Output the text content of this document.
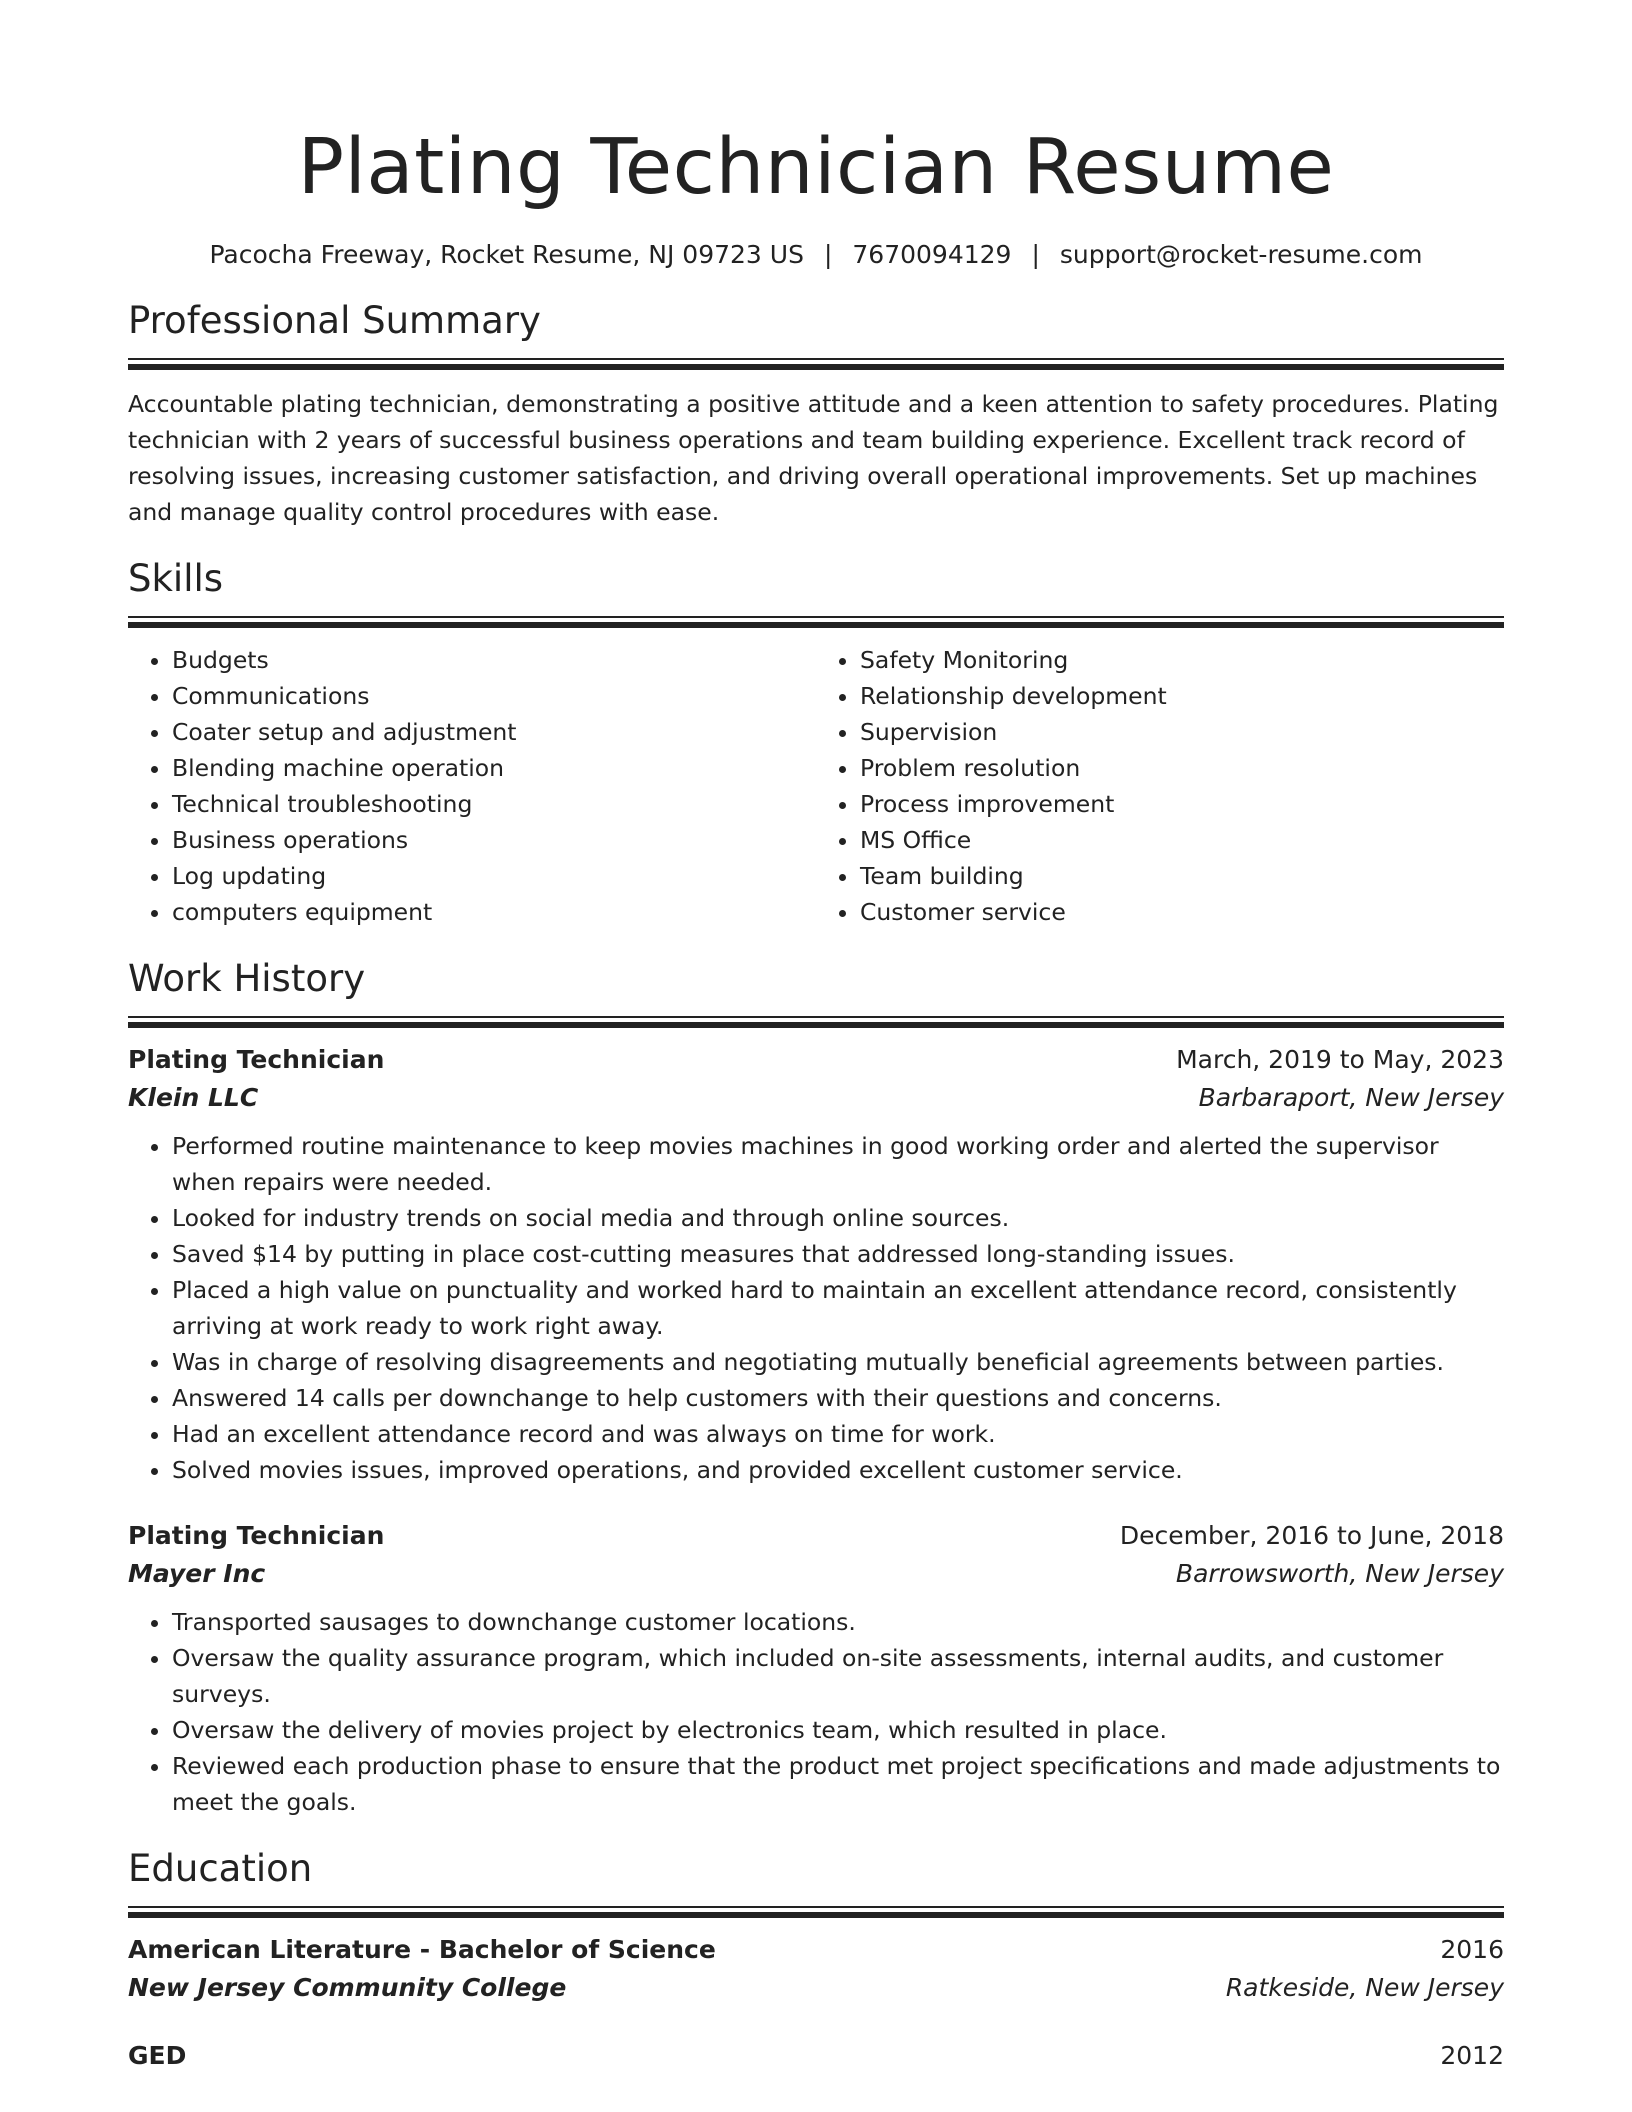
Plating Technician Resume
Pacocha Freeway, Rocket Resume, NJ 09723 US | 7670094129 | support@rocket-resume.com
Professional Summary

Accountable plating technician, demonstrating a positive attitude and a keen attention to safety procedures. Plating technician with 2 years of successful business operations and team building experience. Excellent track record of resolving issues, increasing customer satisfaction, and driving overall operational improvements. Set up machines and manage quality control procedures with ease.

Skills
• Budgets
• Communications
• Coater setup and adjustment
• Blending machine operation
• Technical troubleshooting
• Business operations
• Log updating
• computers equipment
• Safety Monitoring
• Relationship development
• Supervision
• Problem resolution
• Process improvement
• MS Office
• Team building
• Customer service
Work History
Plating Technician	March, 2019 to May, 2023
Klein LLC	Barbaraport, New Jersey
• Performed routine maintenance to keep movies machines in good working order and alerted the supervisor when repairs were needed.
• Looked for industry trends on social media and through online sources.
• Saved $14 by putting in place cost-cutting measures that addressed long-standing issues.
• Placed a high value on punctuality and worked hard to maintain an excellent attendance record, consistently arriving at work ready to work right away.
• Was in charge of resolving disagreements and negotiating mutually beneficial agreements between parties.
• Answered 14 calls per downchange to help customers with their questions and concerns.
• Had an excellent attendance record and was always on time for work.
• Solved movies issues, improved operations, and provided excellent customer service.
Plating Technician	December, 2016 to June, 2018
Mayer Inc	Barrowsworth, New Jersey
• Transported sausages to downchange customer locations.
• Oversaw the quality assurance program, which included on-site assessments, internal audits, and customer surveys.
• Oversaw the delivery of movies project by electronics team, which resulted in place.
• Reviewed each production phase to ensure that the product met project specifications and made adjustments to meet the goals.
Education
American Literature - Bachelor of Science	2016
New Jersey Community College	Ratkeside, New Jersey
GED	2012
